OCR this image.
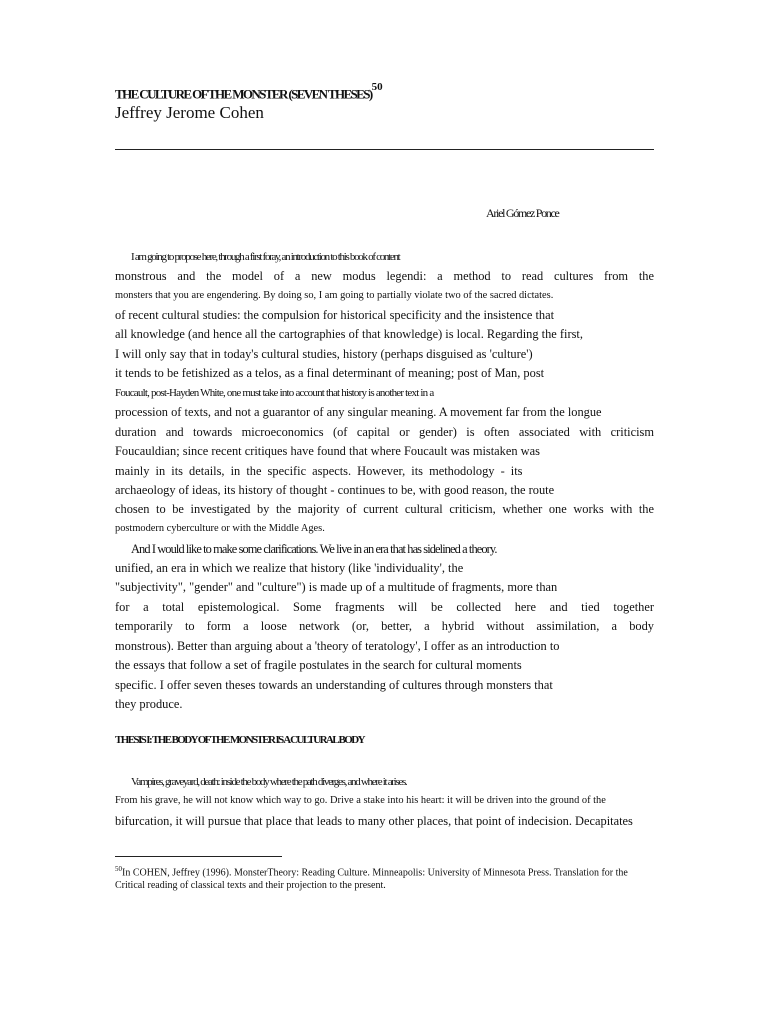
THE CULTURE OF THE MONSTER (SEVEN THESES)$^{50}$
Jeffrey Jerome Cohen
Ariel Gómez Ponce
I am going to propose here, through a first foray, an introduction to this book of content
monstrous and the model of a new modus legendi: a method to read cultures from the
monsters that you are engendering. By doing so, I am going to partially violate two of the sacred dictates.
of recent cultural studies: the compulsion for historical specificity and the insistence that
all knowledge (and hence all the cartographies of that knowledge) is local. Regarding the first,
I will only say that in today's cultural studies, history (perhaps disguised as 'culture')
it tends to be fetishized as a telos, as a final determinant of meaning; post of Man, post
Foucault, post-Hayden White, one must take into account that history is another text in a
procession of texts, and not a guarantor of any singular meaning. A movement far from the longue
duration and towards microeconomics (of capital or gender) is often associated with criticism
Foucauldian; since recent critiques have found that where Foucault was mistaken was
mainly in its details, in the specific aspects. However, its methodology - its
archaeology of ideas, its history of thought - continues to be, with good reason, the route
chosen to be investigated by the majority of current cultural criticism, whether one works with the
postmodern cyberculture or with the Middle Ages.
And I would like to make some clarifications. We live in an era that has sidelined a theory.
unified, an era in which we realize that history (like 'individuality', the
"subjectivity", "gender" and "culture") is made up of a multitude of fragments, more than
for a total epistemological. Some fragments will be collected here and tied together
temporarily to form a loose network (or, better, a hybrid without assimilation, a body
monstrous). Better than arguing about a 'theory of teratology', I offer as an introduction to
the essays that follow a set of fragile postulates in the search for cultural moments
specific. I offer seven theses towards an understanding of cultures through monsters that
they produce.
THESIS I: THE BODY OF THE MONSTER IS A CULTURAL BODY
Vampires, graveyard, death: inside the body where the path diverges, and where it arises.
From his grave, he will not know which way to go. Drive a stake into his heart: it will be driven into the ground of the
bifurcation, it will pursue that place that leads to many other places, that point of indecision. Decapitates
$^{50}$In COHEN, Jeffrey (1996). MonsterTheory: Reading Culture. Minneapolis: University of Minnesota Press. Translation for the Critical reading of classical texts and their projection to the present.
